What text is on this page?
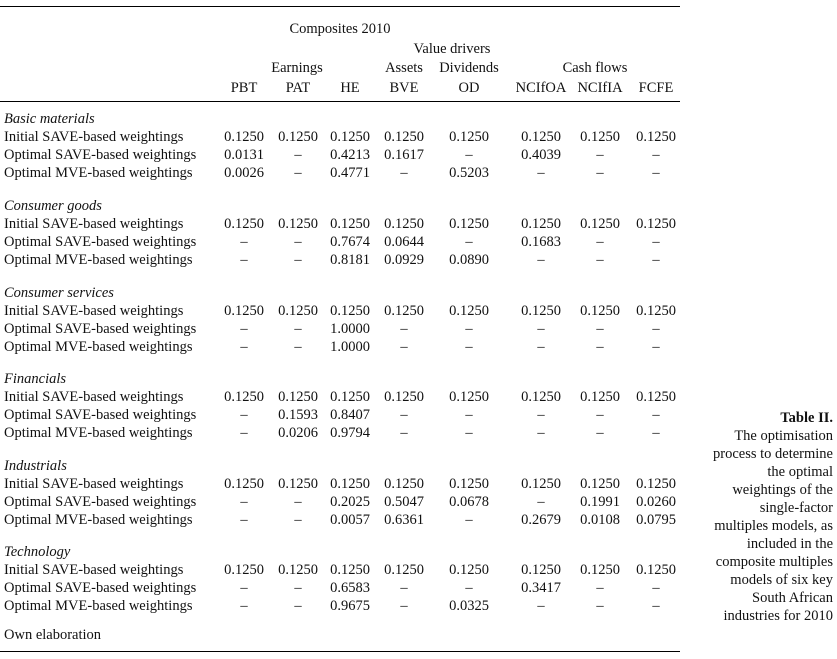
Composites 2010
Value drivers
Earnings	Assets Dividends	Cash flows
PBT PAT HE BVE	OD NCIfOA NCIfIA FCFE
Basic materials
Initial SAVE-based weightings	0.1250 0.1250 0.1250 0.1250 0.1250 0.1250 0.1250 0.1250
Optimal SAVE-based weightings 0.0131 – 0.4213 0.1617	–	0.4039 –	–
Optimal MVE-based weightings 0.0026 – 0.4771 –	0.5203	–	–	–
Consumer goods
Initial SAVE-based weightings	0.1250 0.1250 0.1250 0.1250 0.1250 0.1250 0.1250 0.1250
Optimal SAVE-based weightings	–	– 0.7674 0.0644	–	0.1683 –	–
Optimal MVE-based weightings	–	– 0.8181 0.0929 0.0890	–	–	–
Consumer services
Initial SAVE-based weightings	0.1250 0.1250 0.1250 0.1250 0.1250 0.1250 0.1250 0.1250
Optimal SAVE-based weightings	–	– 1.0000 –	–	–	–	–
Optimal MVE-based weightings	–	– 1.0000 –	–	–	–	–
Financials
Initial SAVE-based weightings	0.1250 0.1250 0.1250 0.1250 0.1250 0.1250 0.1250 0.1250
Optimal SAVE-based weightings	– 0.1593 0.8407 –	–	–	–	–
Optimal MVE-based weightings	– 0.0206 0.9794 –	–	–	–	–
Industrials
Initial SAVE-based weightings	0.1250 0.1250 0.1250 0.1250 0.1250 0.1250 0.1250 0.1250
Optimal SAVE-based weightings	–	– 0.2025 0.5047 0.0678	– 0.1991 0.0260
Optimal MVE-based weightings	–	– 0.0057 0.6361	–	0.2679 0.0108 0.0795
Technology
Initial SAVE-based weightings	0.1250 0.1250 0.1250 0.1250 0.1250 0.1250 0.1250 0.1250
Optimal SAVE-based weightings	–	– 0.6583 –	–	0.3417 –	–
Optimal MVE-based weightings	–	– 0.9675 –	0.0325	–	–	–
Own elaboration
Table II.
The optimisation
process to determine
the optimal
weightings of the
single-factor
multiples models, as
included in the
composite multiples
models of six key
South African
industries for 2010
